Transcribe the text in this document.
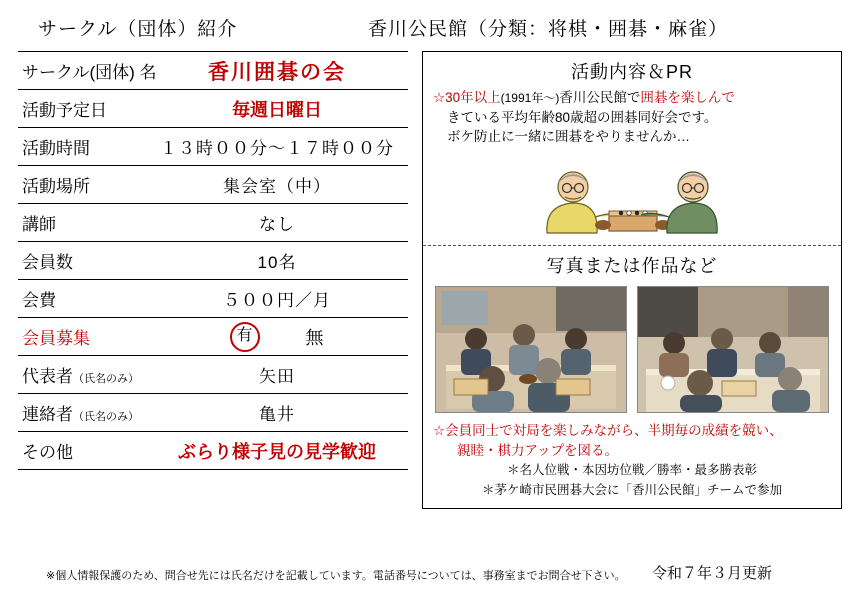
サークル（団体）紹介	香川公民館（分類：将棋・囲碁・麻雀）
サークル(団体) 名	香川囲碁の会
活動予定日	毎週日曜日
活動時間	１３時００分～１７時００分
活動場所	集会室（中）
講師	なし
会員数	10名
会費	５００円／月
会員募集	有 無

代表者（氏名のみ）	矢田
連絡者（氏名のみ）	亀井
その他	ぶらり様子見の見学歓迎
活動内容＆PR
☆30年以上(1991年～)香川公民館で囲碁を楽しんで
きている平均年齢80歳超の囲碁同好会です。
ボケ防止に一緒に囲碁をやりませんか…
写真または作品など
☆会員同士で対局を楽しみながら、半期毎の成績を競い、
親睦・棋力アップを図る。
＊名人位戦・本因坊位戦／勝率・最多勝表彰
＊茅ケ崎市民囲碁大会に「香川公民館」チームで参加
※個人情報保護のため、問合せ先には氏名だけを記載しています。電話番号については、事務室までお問合せ下さい。 令和７年３月更新
